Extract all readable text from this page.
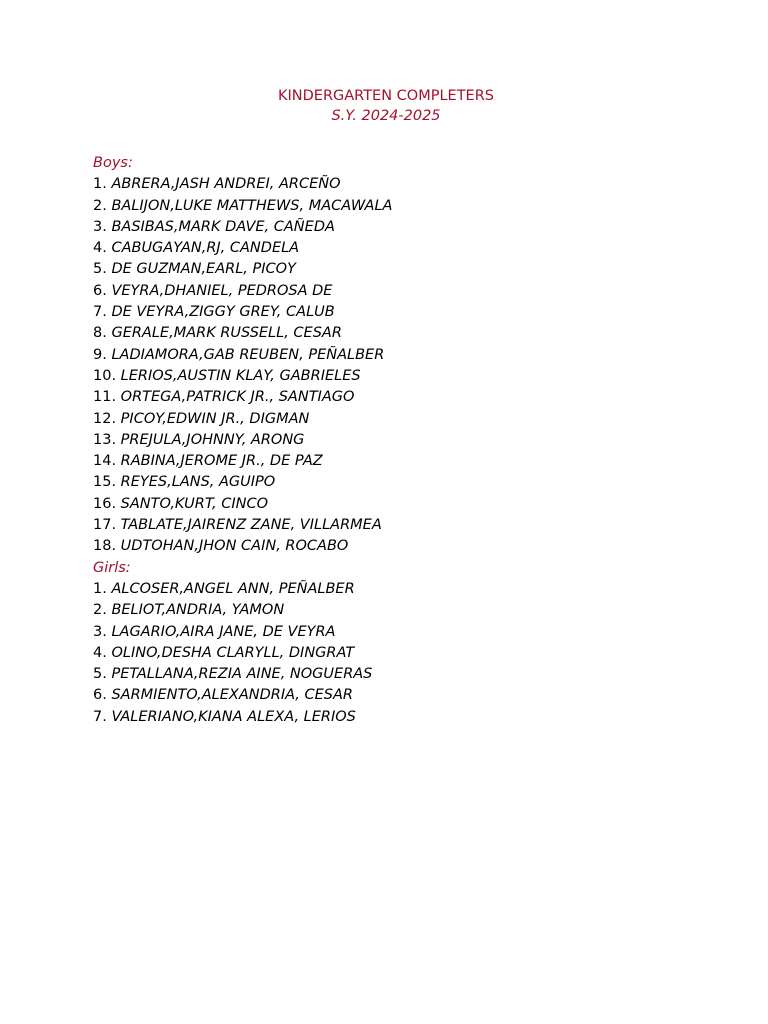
KINDERGARTEN COMPLETERS
S.Y. 2024-2025
Boys:
1. ABRERA,JASH ANDREI, ARCEÑO
2. BALIJON,LUKE MATTHEWS, MACAWALA
3. BASIBAS,MARK DAVE, CAÑEDA
4. CABUGAYAN,RJ, CANDELA
5. DE GUZMAN,EARL, PICOY
6. VEYRA,DHANIEL, PEDROSA DE
7. DE VEYRA,ZIGGY GREY, CALUB
8. GERALE,MARK RUSSELL, CESAR
9. LADIAMORA,GAB REUBEN, PEÑALBER
10. LERIOS,AUSTIN KLAY, GABRIELES
11. ORTEGA,PATRICK JR., SANTIAGO
12. PICOY,EDWIN JR., DIGMAN
13. PREJULA,JOHNNY, ARONG
14. RABINA,JEROME JR., DE PAZ
15. REYES,LANS, AGUIPO
16. SANTO,KURT, CINCO
17. TABLATE,JAIRENZ ZANE, VILLARMEA
18. UDTOHAN,JHON CAIN, ROCABO
Girls:
1. ALCOSER,ANGEL ANN, PEÑALBER
2. BELIOT,ANDRIA, YAMON
3. LAGARIO,AIRA JANE, DE VEYRA
4. OLINO,DESHA CLARYLL, DINGRAT
5. PETALLANA,REZIA AINE, NOGUERAS
6. SARMIENTO,ALEXANDRIA, CESAR
7. VALERIANO,KIANA ALEXA, LERIOS
